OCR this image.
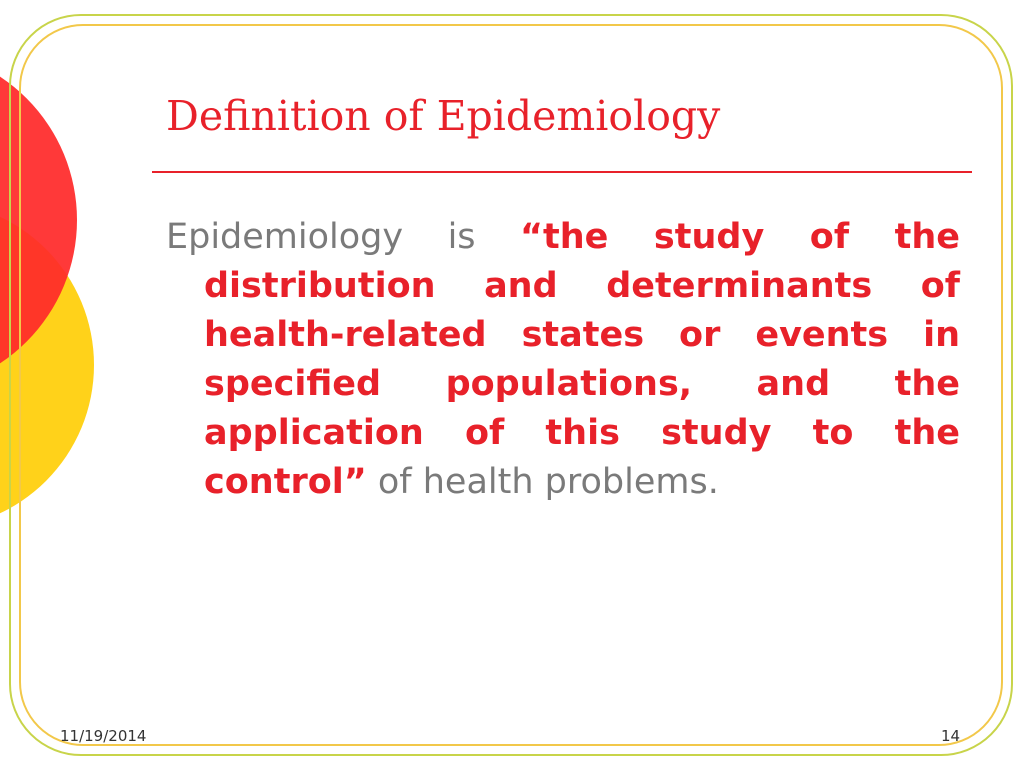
Definition of Epidemiology
Epidemiology is “the study of the distribution and determinants of health-related states or events in specified populations, and the application of this study to the control” of health problems.
11/19/2014	14
